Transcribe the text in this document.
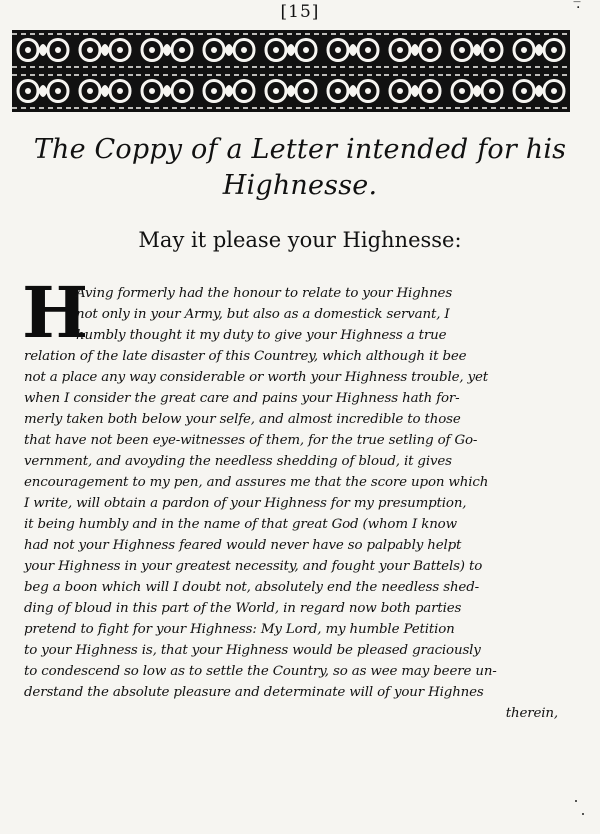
[15]	·̅
The Coppy of a Letter intended for his
Highnesse.
May it please your Highnesse:
H
Aving formerly had the honour to relate to your Highnes
not only in your Army, but also as a domestick servant, I
humbly thought it my duty to give your Highness a true
relation of the late disaster of this Countrey, which although it bee
not a place any way considerable or worth your Highness trouble, yet
when I consider the great care and pains your Highness hath for-
merly taken both below your selfe, and almost incredible to those
that have not been eye-witnesses of them, for the true setling of Go-
vernment, and avoyding the needless shedding of bloud, it gives
encouragement to my pen, and assures me that the score upon which
I write, will obtain a pardon of your Highness for my presumption,
it being humbly and in the name of that great God (whom I know
had not your Highness feared would never have so palpably helpt
your Highness in your greatest necessity, and fought your Battels) to
beg a boon which will I doubt not, absolutely end the needless shed-
ding of bloud in this part of the World, in regard now both parties
pretend to fight for your Highness: My Lord, my humble Petition
to your Highness is, that your Highness would be pleased graciously
to condescend so low as to settle the Country, so as wee may beere un-
derstand the absolute pleasure and determinate will of your Highnes
therein,
